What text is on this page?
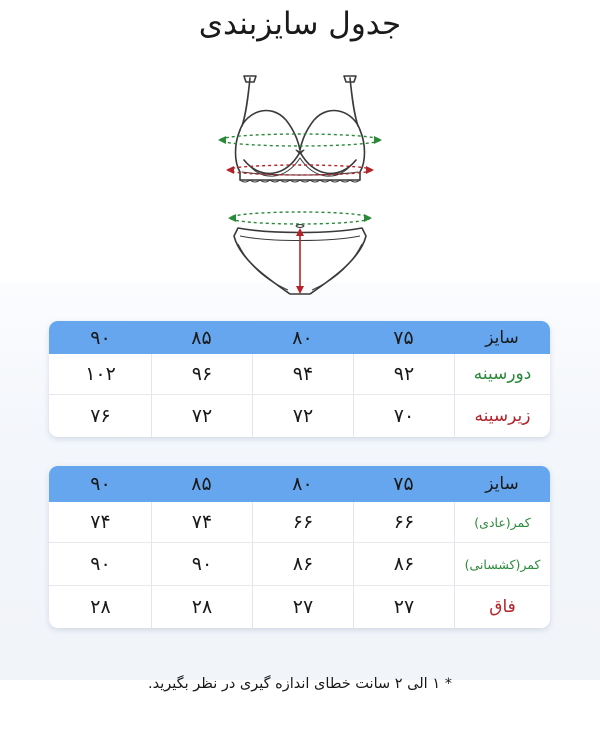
جدول سایزبندی
سایز
۷۵
۸۰
۸۵
۹۰
دورسینه
۹۲
۹۴
۹۶
۱۰۲
زیرسینه
۷۰
۷۲
۷۲
۷۶
سایز
۷۵
۸۰
۸۵
۹۰
کمر(عادی)
۶۶
۶۶
۷۴
۷۴
کمر(کشسانی)
۸۶
۸۶
۹۰
۹۰
فاق
۲۷
۲۷
۲۸
۲۸
* ۱ الی ۲ سانت خطای اندازه گیری در نظر بگیرید.
